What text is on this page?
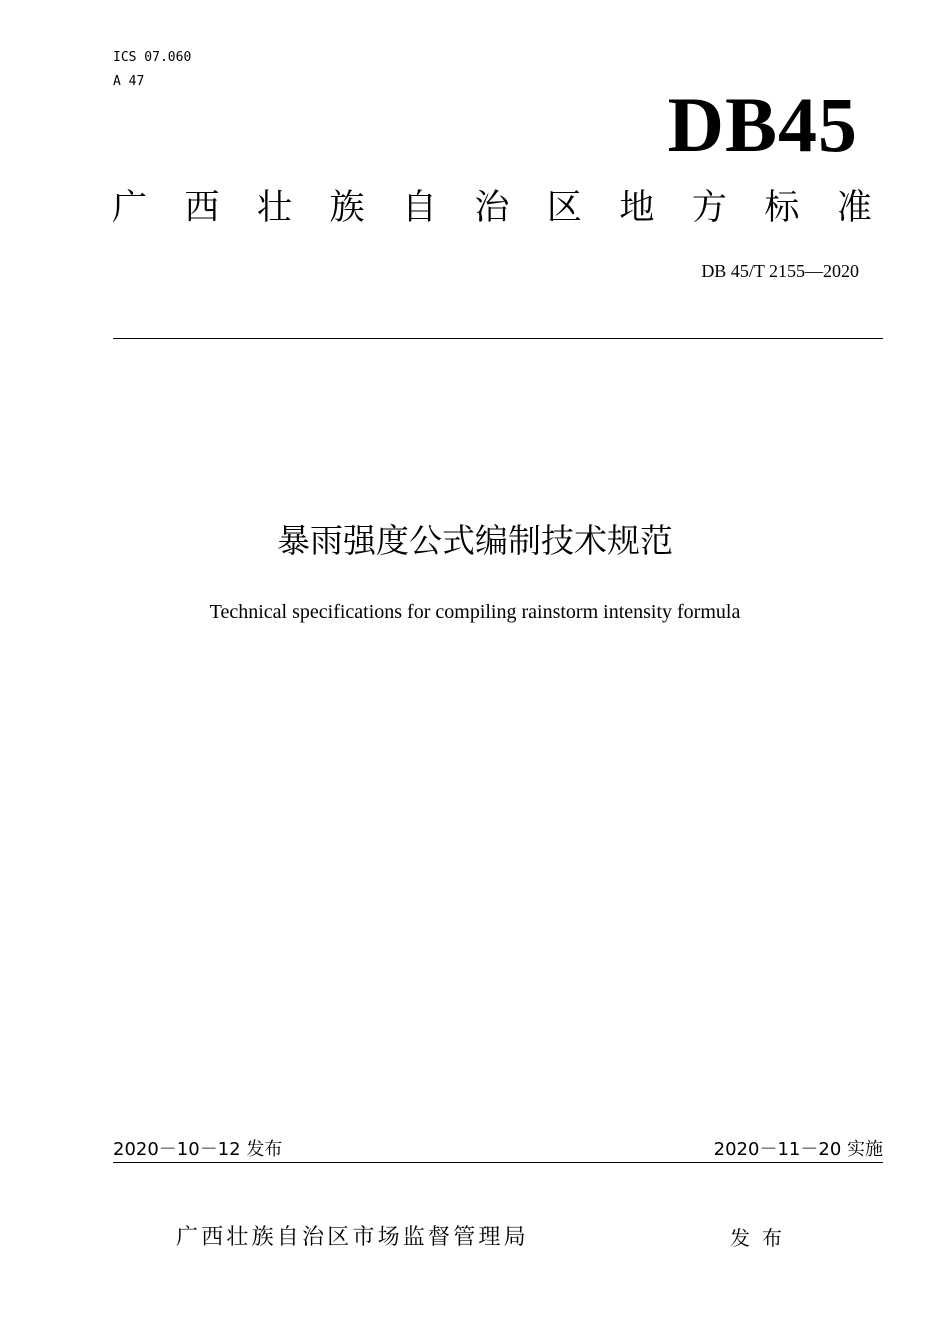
ICS 07.060

A 47	DB45

广 西 壮 族 自 治 区 地 方 标 准

DB 45/T 2155—2020

暴雨强度公式编制技术规范

Technical specifications for compiling rainstorm intensity formula

2020－10－12 发布	2020－11－20 实施

广西壮族自治区市场监督管理局	发布
